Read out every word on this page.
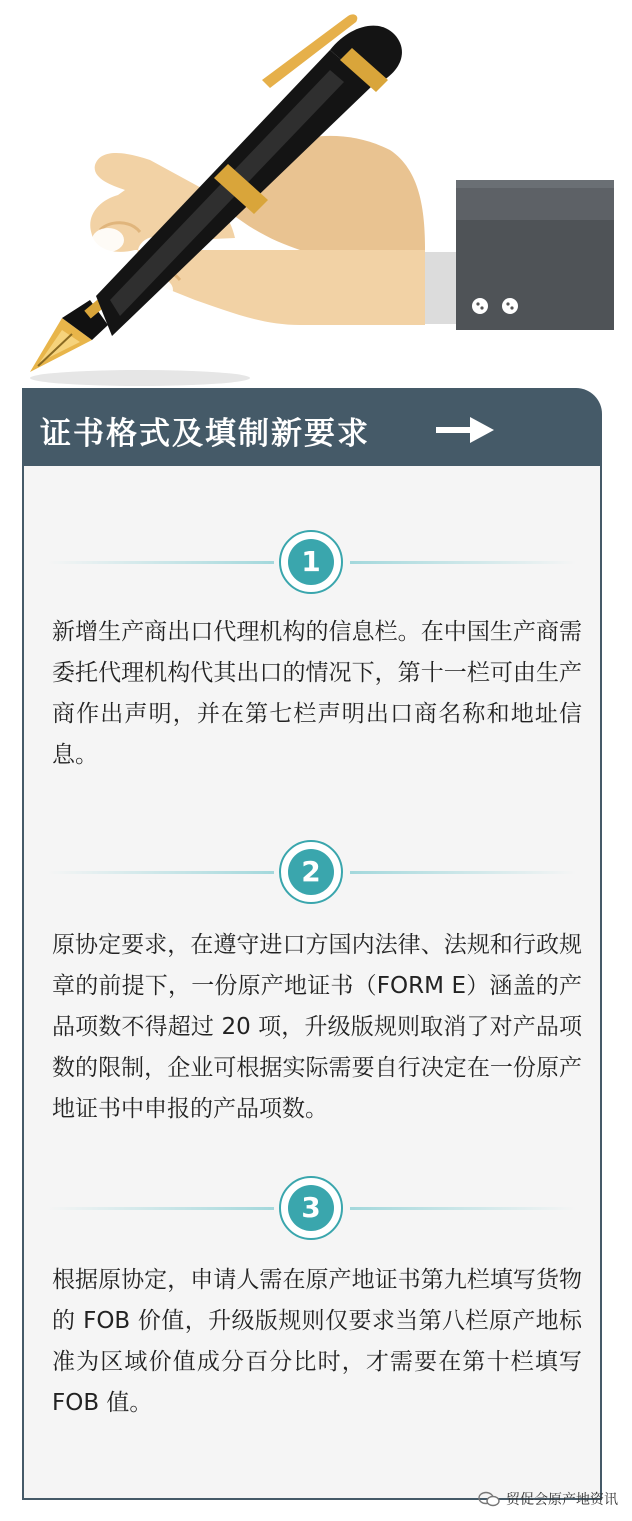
证书格式及填制新要求
1

新增生产商出口代理机构的信息栏。在中国生产商需委托代理机构代其出口的情况下，第十一栏可由生产商作出声明，并在第七栏声明出口商名称和地址信息。

2

原协定要求，在遵守进口方国内法律、法规和行政规章的前提下，一份原产地证书（FORM E）涵盖的产品项数不得超过 20 项，升级版规则取消了对产品项数的限制，企业可根据实际需要自行决定在一份原产地证书中申报的产品项数。

3

根据原协定，申请人需在原产地证书第九栏填写货物的 FOB 价值，升级版规则仅要求当第八栏原产地标准为区域价值成分百分比时，才需要在第十栏填写 FOB 值。

贸促会原产地资讯
